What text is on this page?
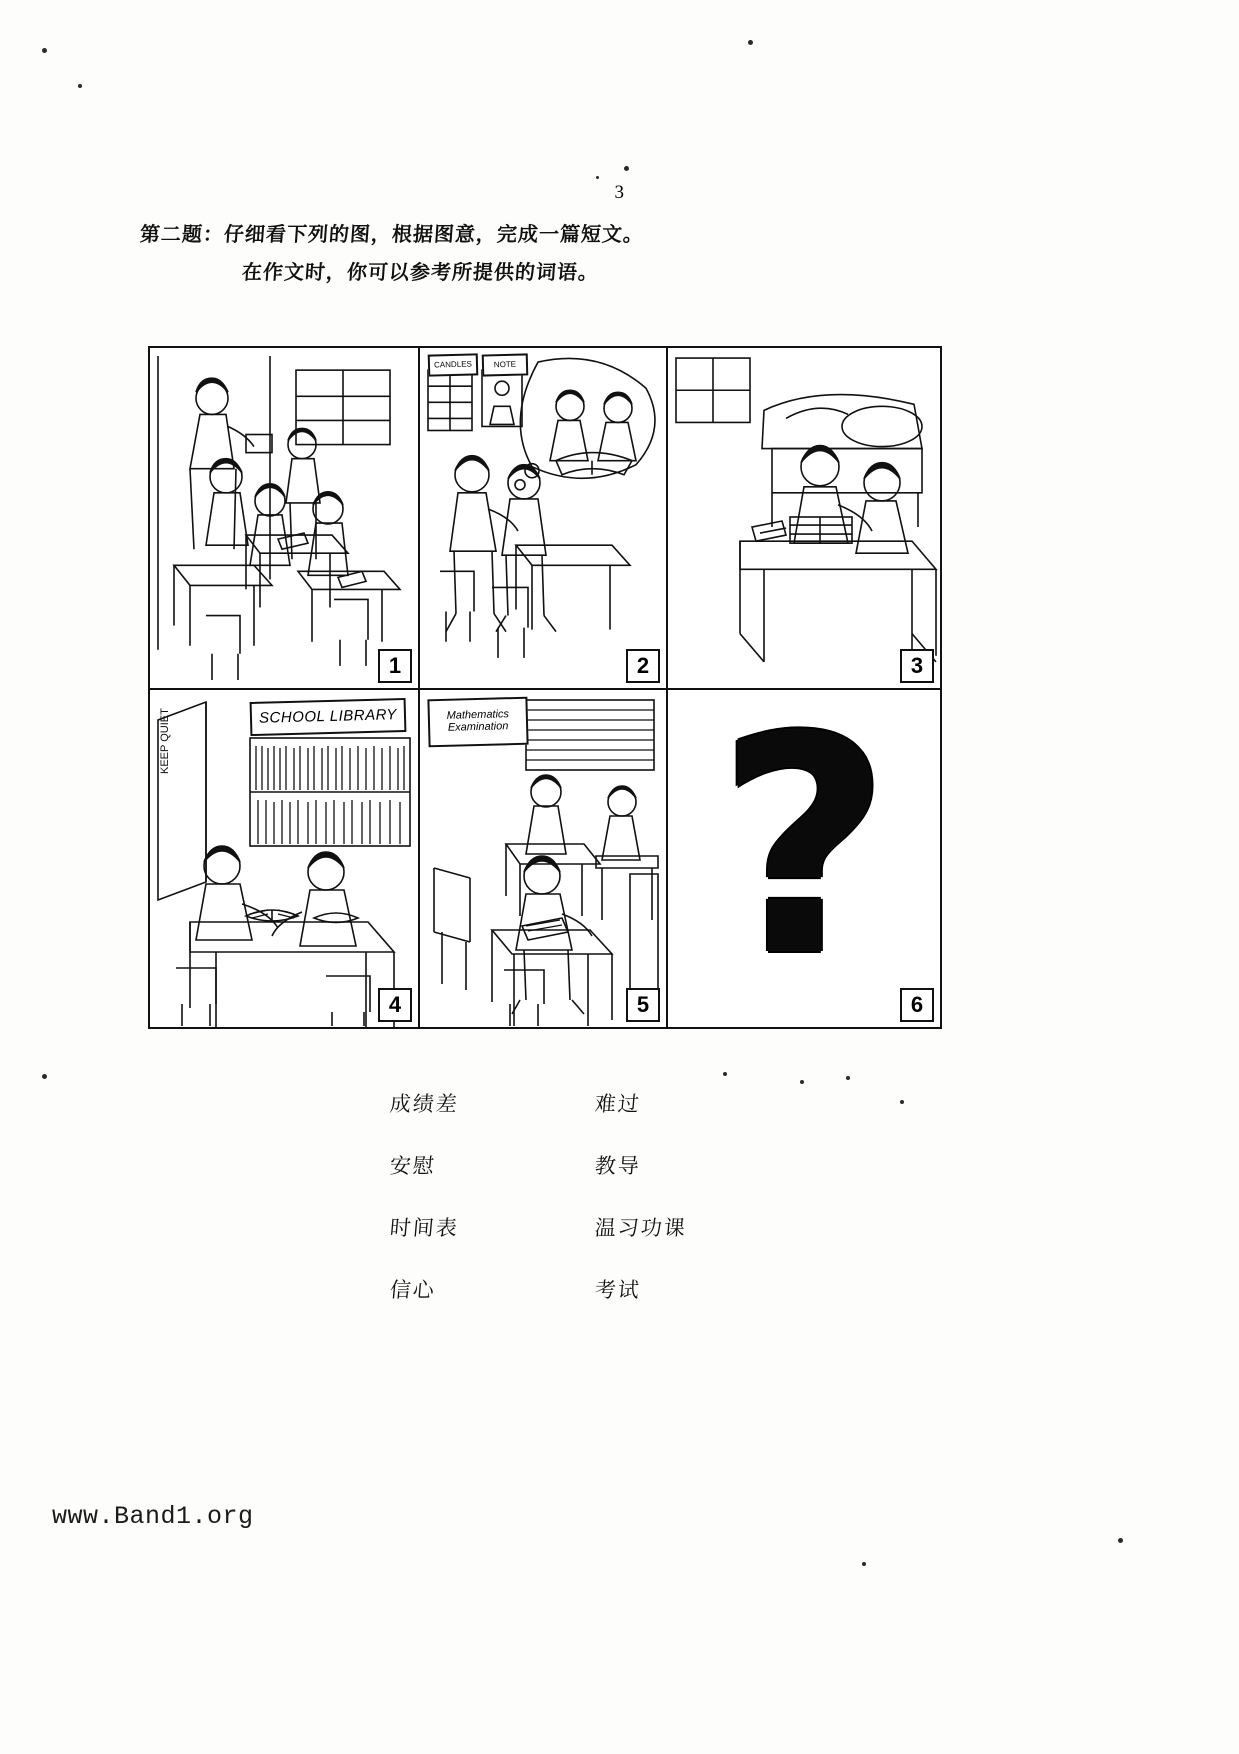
3
第二题：仔细看下列的图，根据图意，完成一篇短文。
在作文时，你可以参考所提供的词语。
1
CANDLES	NOTE
2	3
SCHOOL LIBRARY
KEEP QUIET
4
Mathematics Examination
5 ? 6
成绩差	难过
安慰	教导
时间表	温习功课
信心	考试
www.Band1.org
